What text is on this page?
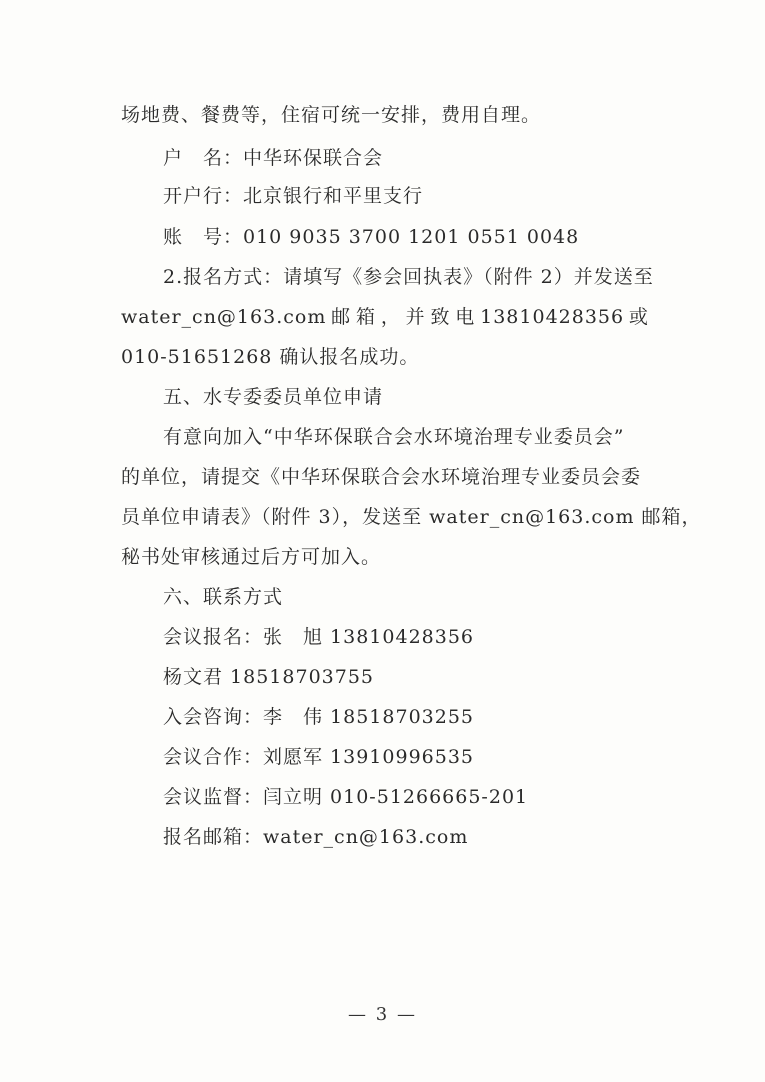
场地费、餐费等，住宿可统一安排，费用自理。
户　名：中华环保联合会
开户行：北京银行和平里支行
账　号：010 9035 3700 1201 0551 0048
2.报名方式：请填写《参会回执表》（附件 2）并发送至
water_cn@163.com 邮 箱 ， 并 致 电 13810428356 或
010-51651268 确认报名成功。
五、水专委委员单位申请
有意向加入“中华环保联合会水环境治理专业委员会”
的单位，请提交《中华环保联合会水环境治理专业委员会委
员单位申请表》（附件 3），发送至 water_cn@163.com 邮箱，
秘书处审核通过后方可加入。
六、联系方式
会议报名：张　旭 13810428356
杨文君 18518703755
入会咨询：李　伟 18518703255
会议合作：刘愿军 13910996535
会议监督：闫立明 010-51266665-201
报名邮箱：water_cn@163.com
— 3 —
